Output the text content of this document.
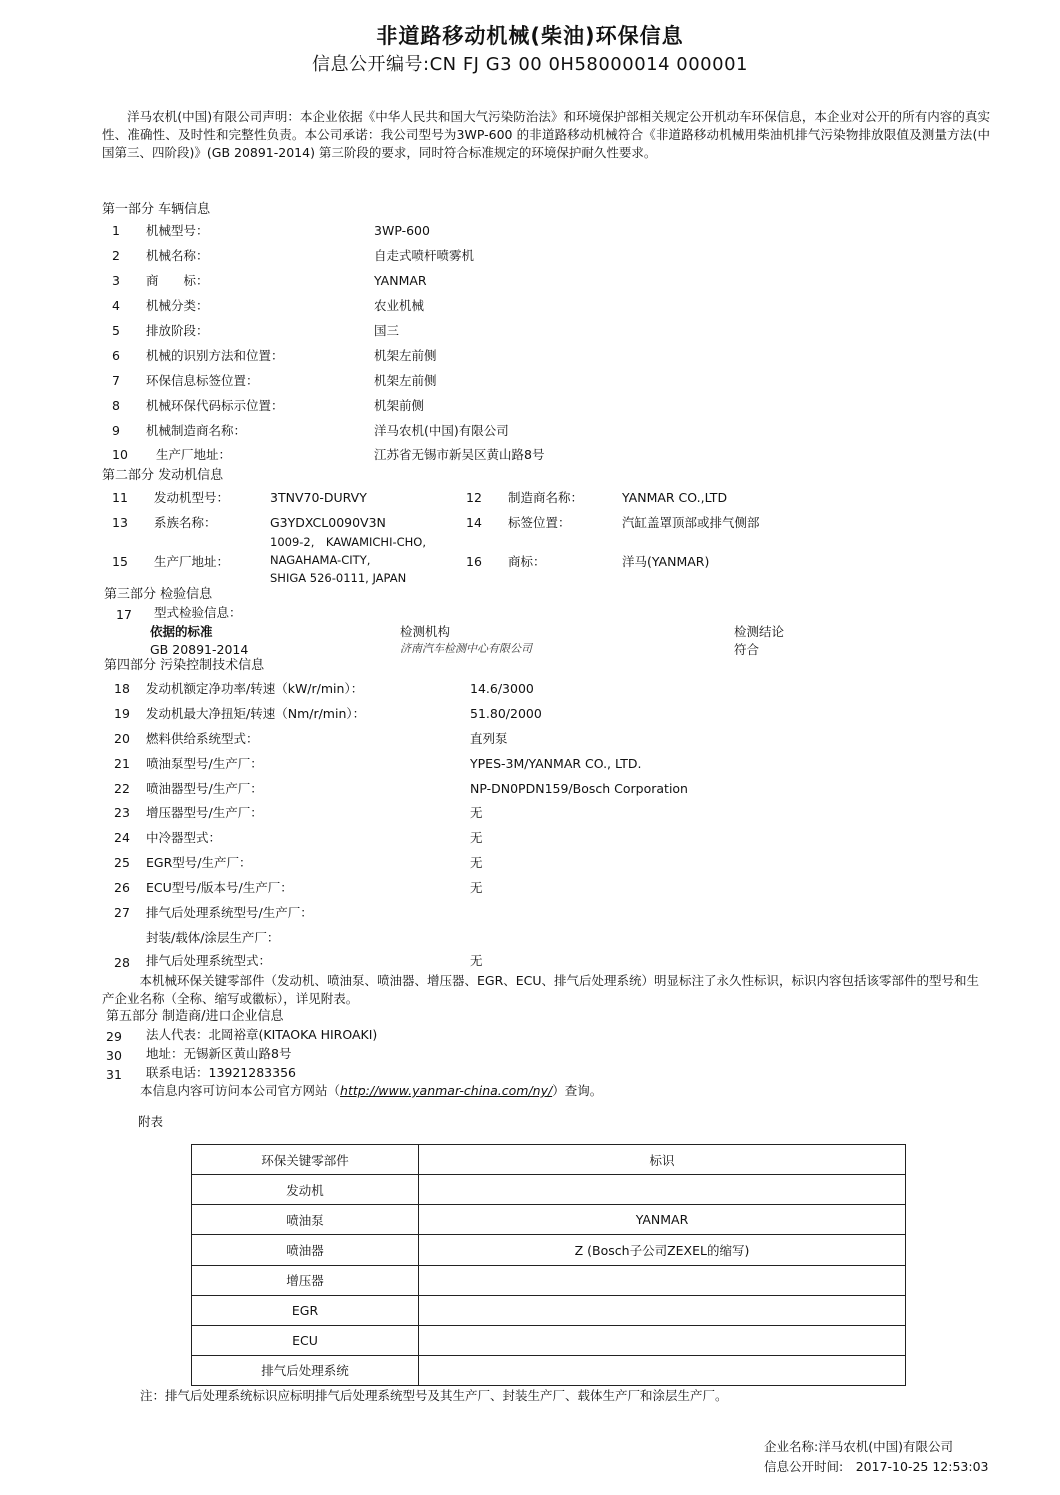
非道路移动机械(柴油)环保信息
信息公开编号:CN FJ G3 00 0H58000014 000001
洋马农机(中国)有限公司声明：本企业依据《中华人民共和国大气污染防治法》和环境保护部相关规定公开机动车环保信息，本企业对公开的所有内容的真实性、准确性、及时性和完整性负责。本公司承诺：我公司型号为3WP-600 的非道路移动机械符合《非道路移动机械用柴油机排气污染物排放限值及测量方法(中国第三、四阶段)》(GB 20891-2014) 第三阶段的要求，同时符合标准规定的环境保护耐久性要求。
第一部分 车辆信息
1 机械型号：	3WP-600
2 机械名称：	自走式喷杆喷雾机
3 商　　标：	YANMAR
4 机械分类：	农业机械
5 排放阶段：	国三
6 机械的识别方法和位置：	机架左前侧
7 环保信息标签位置：	机架左前侧
8 机械环保代码标示位置：	机架前侧
9 机械制造商名称：	洋马农机(中国)有限公司
10 生产厂地址：	江苏省无锡市新吴区黄山路8号
第二部分 发动机信息
11 发动机型号：	3TNV70-DURVY	12 制造商名称：	YANMAR CO.,LTD
13 系族名称：	G3YDXCL0090V3N	14 标签位置：	汽缸盖罩顶部或排气侧部
15 生产厂地址：
1009-2,　KAWAMICHI-CHO,
NAGAHAMA-CITY,
SHIGA 526-0111, JAPAN
16 商标：	洋马(YANMAR)
第三部分 检验信息
17 型式检验信息：
依据的标准	检测机构	检测结论
GB 20891-2014	济南汽车检测中心有限公司	符合
第四部分 污染控制技术信息
18 发动机额定净功率/转速（kW/r/min）：	14.6/3000
19 发动机最大净扭矩/转速（Nm/r/min）：	51.80/2000
20 燃料供给系统型式：	直列泵
21 喷油泵型号/生产厂：	YPES-3M/YANMAR CO., LTD.
22 喷油器型号/生产厂：	NP-DN0PDN159/Bosch Corporation
23 增压器型号/生产厂：	无
24 中冷器型式：	无
25 EGR型号/生产厂：	无
26 ECU型号/版本号/生产厂：	无
27 排气后处理系统型号/生产厂：
封装/载体/涂层生产厂：
28 排气后处理系统型式：	无
本机械环保关键零部件（发动机、喷油泵、喷油器、增压器、EGR、ECU、排气后处理系统）明显标注了永久性标识，标识内容包括该零部件的型号和生产企业名称（全称、缩写或徽标），详见附表。
第五部分 制造商/进口企业信息
29 法人代表：北岡裕章(KITAOKA HIROAKI)
30 地址：无锡新区黄山路8号
31 联系电话：13921283356
本信息内容可访问本公司官方网站（http://www.yanmar-china.com/ny/）查询。
附表
环保关键零部件	标识
发动机	
喷油泵	YANMAR
喷油器	Z (Bosch子公司ZEXEL的缩写)
增压器	
EGR	
ECU	
排气后处理系统	
注：排气后处理系统标识应标明排气后处理系统型号及其生产厂、封装生产厂、载体生产厂和涂层生产厂。
企业名称:洋马农机(中国)有限公司
信息公开时间:　2017-10-25 12:53:03
